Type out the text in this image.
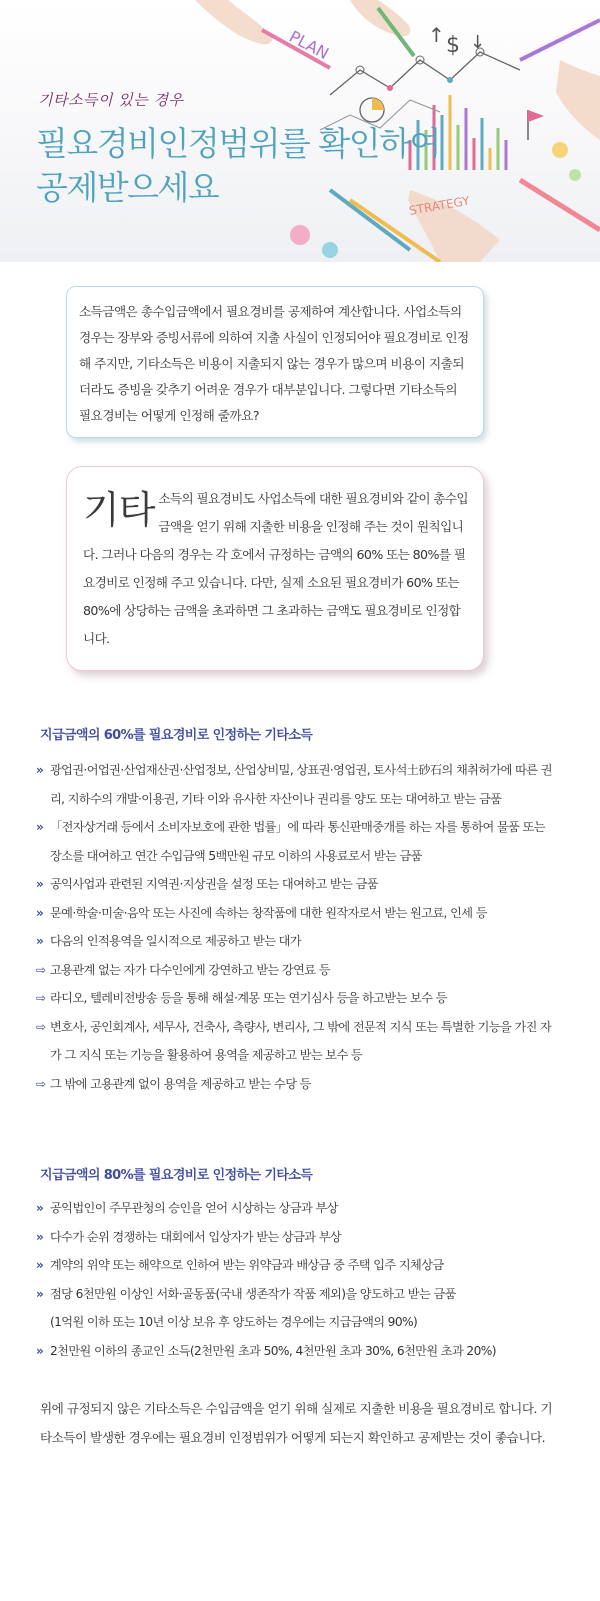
PLAN
STRATEGY
↑ $ ↓
기타소득이 있는 경우
필요경비인정범위를 확인하여
공제받으세요

소득금액은 총수입금액에서 필요경비를 공제하여 계산합니다. 사업소득의 경우는 장부와 증빙서류에 의하여 지출 사실이 인정되어야 필요경비로 인정해 주지만, 기타소득은 비용이 지출되지 않는 경우가 많으며 비용이 지출되더라도 증빙을 갖추기 어려운 경우가 대부분입니다. 그렇다면 기타소득의 필요경비는 어떻게 인정해 줄까요?

기타 소득의 필요경비도 사업소득에 대한 필요경비와 같이 총수입금액을 얻기 위해 지출한 비용을 인정해 주는 것이 원칙입니다. 그러나 다음의 경우는 각 호에서 규정하는 금액의 60% 또는 80%를 필요경비로 인정해 주고 있습니다. 다만, 실제 소요된 필요경비가 60% 또는 80%에 상당하는 금액을 초과하면 그 초과하는 금액도 필요경비로 인정합니다.

지급금액의 60%를 필요경비로 인정하는 기타소득
» 광업권·어업권·산업재산권·산업정보, 산업상비밀, 상표권·영업권, 토사석土砂石의 채취허가에 따른 권리, 지하수의 개발·이용권, 기타 이와 유사한 자산이나 권리를 양도 또는 대여하고 받는 금품
» 「전자상거래 등에서 소비자보호에 관한 법률」에 따라 통신판매중개를 하는 자를 통하여 물품 또는 장소를 대여하고 연간 수입금액 5백만원 규모 이하의 사용료로서 받는 금품
» 공익사업과 관련된 지역권·지상권을 설정 또는 대여하고 받는 금품
» 문예·학술·미술·음악 또는 사진에 속하는 창작품에 대한 원작자로서 받는 원고료, 인세 등
» 다음의 인적용역을 일시적으로 제공하고 받는 대가
⇨ 고용관계 없는 자가 다수인에게 강연하고 받는 강연료 등
⇨ 라디오, 텔레비전방송 등을 통해 해설·계몽 또는 연기심사 등을 하고받는 보수 등
⇨ 변호사, 공인회계사, 세무사, 건축사, 측량사, 변리사, 그 밖에 전문적 지식 또는 특별한 기능을 가진 자가 그 지식 또는 기능을 활용하여 용역을 제공하고 받는 보수 등
⇨ 그 밖에 고용관계 없이 용역을 제공하고 받는 수당 등
지급금액의 80%를 필요경비로 인정하는 기타소득
» 공익법인이 주무관청의 승인을 얻어 시상하는 상금과 부상
» 다수가 순위 경쟁하는 대회에서 입상자가 받는 상금과 부상
» 계약의 위약 또는 해약으로 인하여 받는 위약금과 배상금 중 주택 입주 지체상금
» 점당 6천만원 이상인 서화·골동품(국내 생존작가 작품 제외)을 양도하고 받는 금품
(1억원 이하 또는 10년 이상 보유 후 양도하는 경우에는 지급금액의 90%)
» 2천만원 이하의 종교인 소득(2천만원 초과 50%, 4천만원 초과 30%, 6천만원 초과 20%)

위에 규정되지 않은 기타소득은 수입금액을 얻기 위해 실제로 지출한 비용을 필요경비로 합니다. 기타소득이 발생한 경우에는 필요경비 인정범위가 어떻게 되는지 확인하고 공제받는 것이 좋습니다.
